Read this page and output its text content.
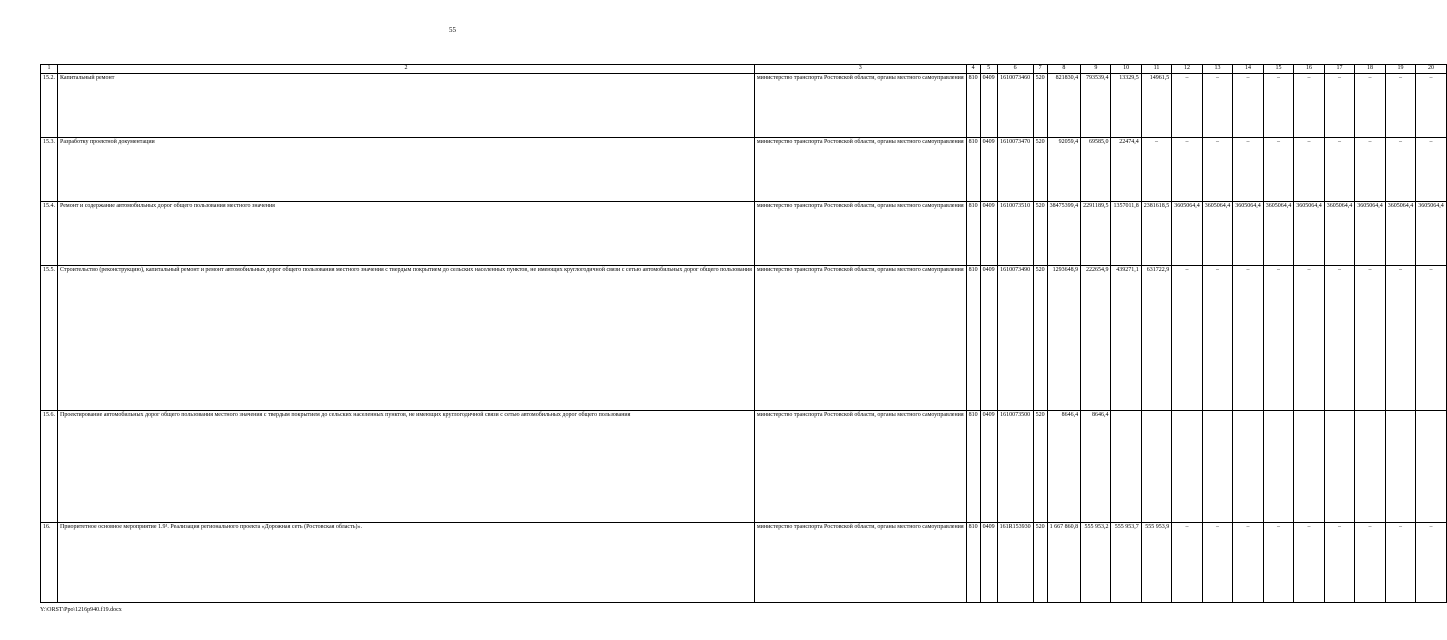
55
1	2	3	4	5	6	7	8	9	10	11	12	13	14	15	16	17	18	19	20
15.2.	Капитальный ремонт	министерство транспорта Ростовской области, органы местного самоуправления	810	0409	1610073460	520	821830,4	793539,4	13329,5	14961,5	–	–	–	–	–	–	–	–	–
15.3.	Разработку проектной документации	министерство транспорта Ростовской области, органы местного самоуправления	810	0409	1610073470	520	92059,4	69585,0	22474,4	–	–	–	–	–	–	–	–	–	–
15.4.	Ремонт и содержание автомобильных дорог общего пользования местного значения	министерство транспорта Ростовской области, органы местного самоуправления	810	0409	1610073510	520	38475399,4	2291189,5	1357011,8	2381618,5	3605064,4	3605064,4	3605064,4	3605064,4	3605064,4	3605064,4	3605064,4	3605064,4	3605064,4
15.5.	Строительство (реконструкцию), капитальный ремонт и ремонт автомобильных дорог общего пользования местного значения с твердым покрытием до сельских населенных пунктов, не имеющих круглогодичной связи с сетью автомобильных дорог общего пользования	министерство транспорта Ростовской области, органы местного самоуправления	810	0409	1610073490	520	1293648,9	222654,9	439271,1	631722,9	–	–	–	–	–	–	–	–	–
15.6.	Проектирование автомобильных дорог общего пользования местного значения с твердым покрытием до сельских населенных пунктов, не имеющих круглогодичной связи с сетью автомобильных дорог общего пользования	министерство транспорта Ростовской области, органы местного самоуправления	810	0409	1610073500	520	8646,4	8646,4											
16.	Приоритетное основное мероприятие 1.9¹. Реализация регионального проекта «Дорожная сеть (Ростовская область)».	министерство транспорта Ростовской области, органы местного самоуправления	810	0409	161R153930	520	1 667 860,8	555 953,2	555 953,7	555 953,9	–	–	–	–	–	–	–	–	–
Y:\ORST\Ppo\1216p940.f19.docx
